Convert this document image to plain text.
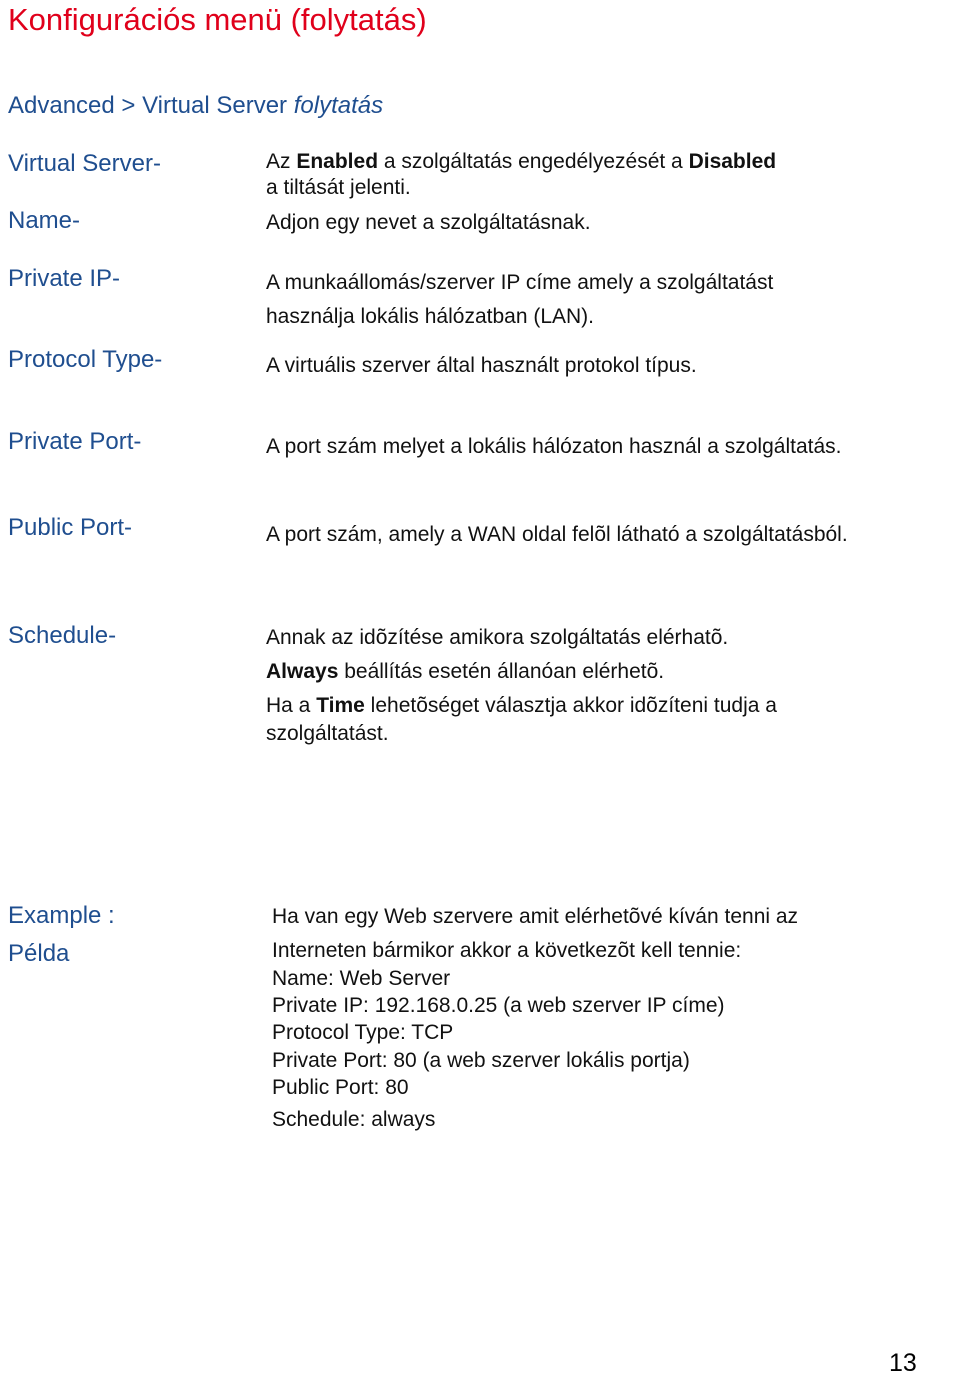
Konfigurációs menü (folytatás)
Advanced > Virtual Server folytatás
Virtual Server-	Az Enabled a szolgáltatás engedélyezését a Disabled
a tiltását jelenti.
Name-	Adjon egy nevet a szolgáltatásnak.
Private IP-	A munkaállomás/szerver IP címe amely a szolgáltatást
használja lokális hálózatban (LAN).
Protocol Type-	A virtuális szerver által használt protokol típus.
Private Port-	A port szám melyet a lokális hálózaton használ a szolgáltatás.
Public Port-	A port szám, amely a WAN oldal felõl látható a szolgáltatásból.
Schedule-	Annak az idõzítése amikora szolgáltatás elérhatõ.
Always beállítás esetén állanóan elérhetõ.
Ha a Time lehetõséget választja akkor idõzíteni tudja a
szolgáltatást.
Example :
Példa
Ha van egy Web szervere amit elérhetõvé kíván tenni az
Interneten bármikor akkor a következõt kell tennie:
Name: Web Server
Private IP: 192.168.0.25 (a web szerver IP címe)
Protocol Type: TCP
Private Port: 80 (a web szerver lokális portja)
Public Port: 80
Schedule: always
13
